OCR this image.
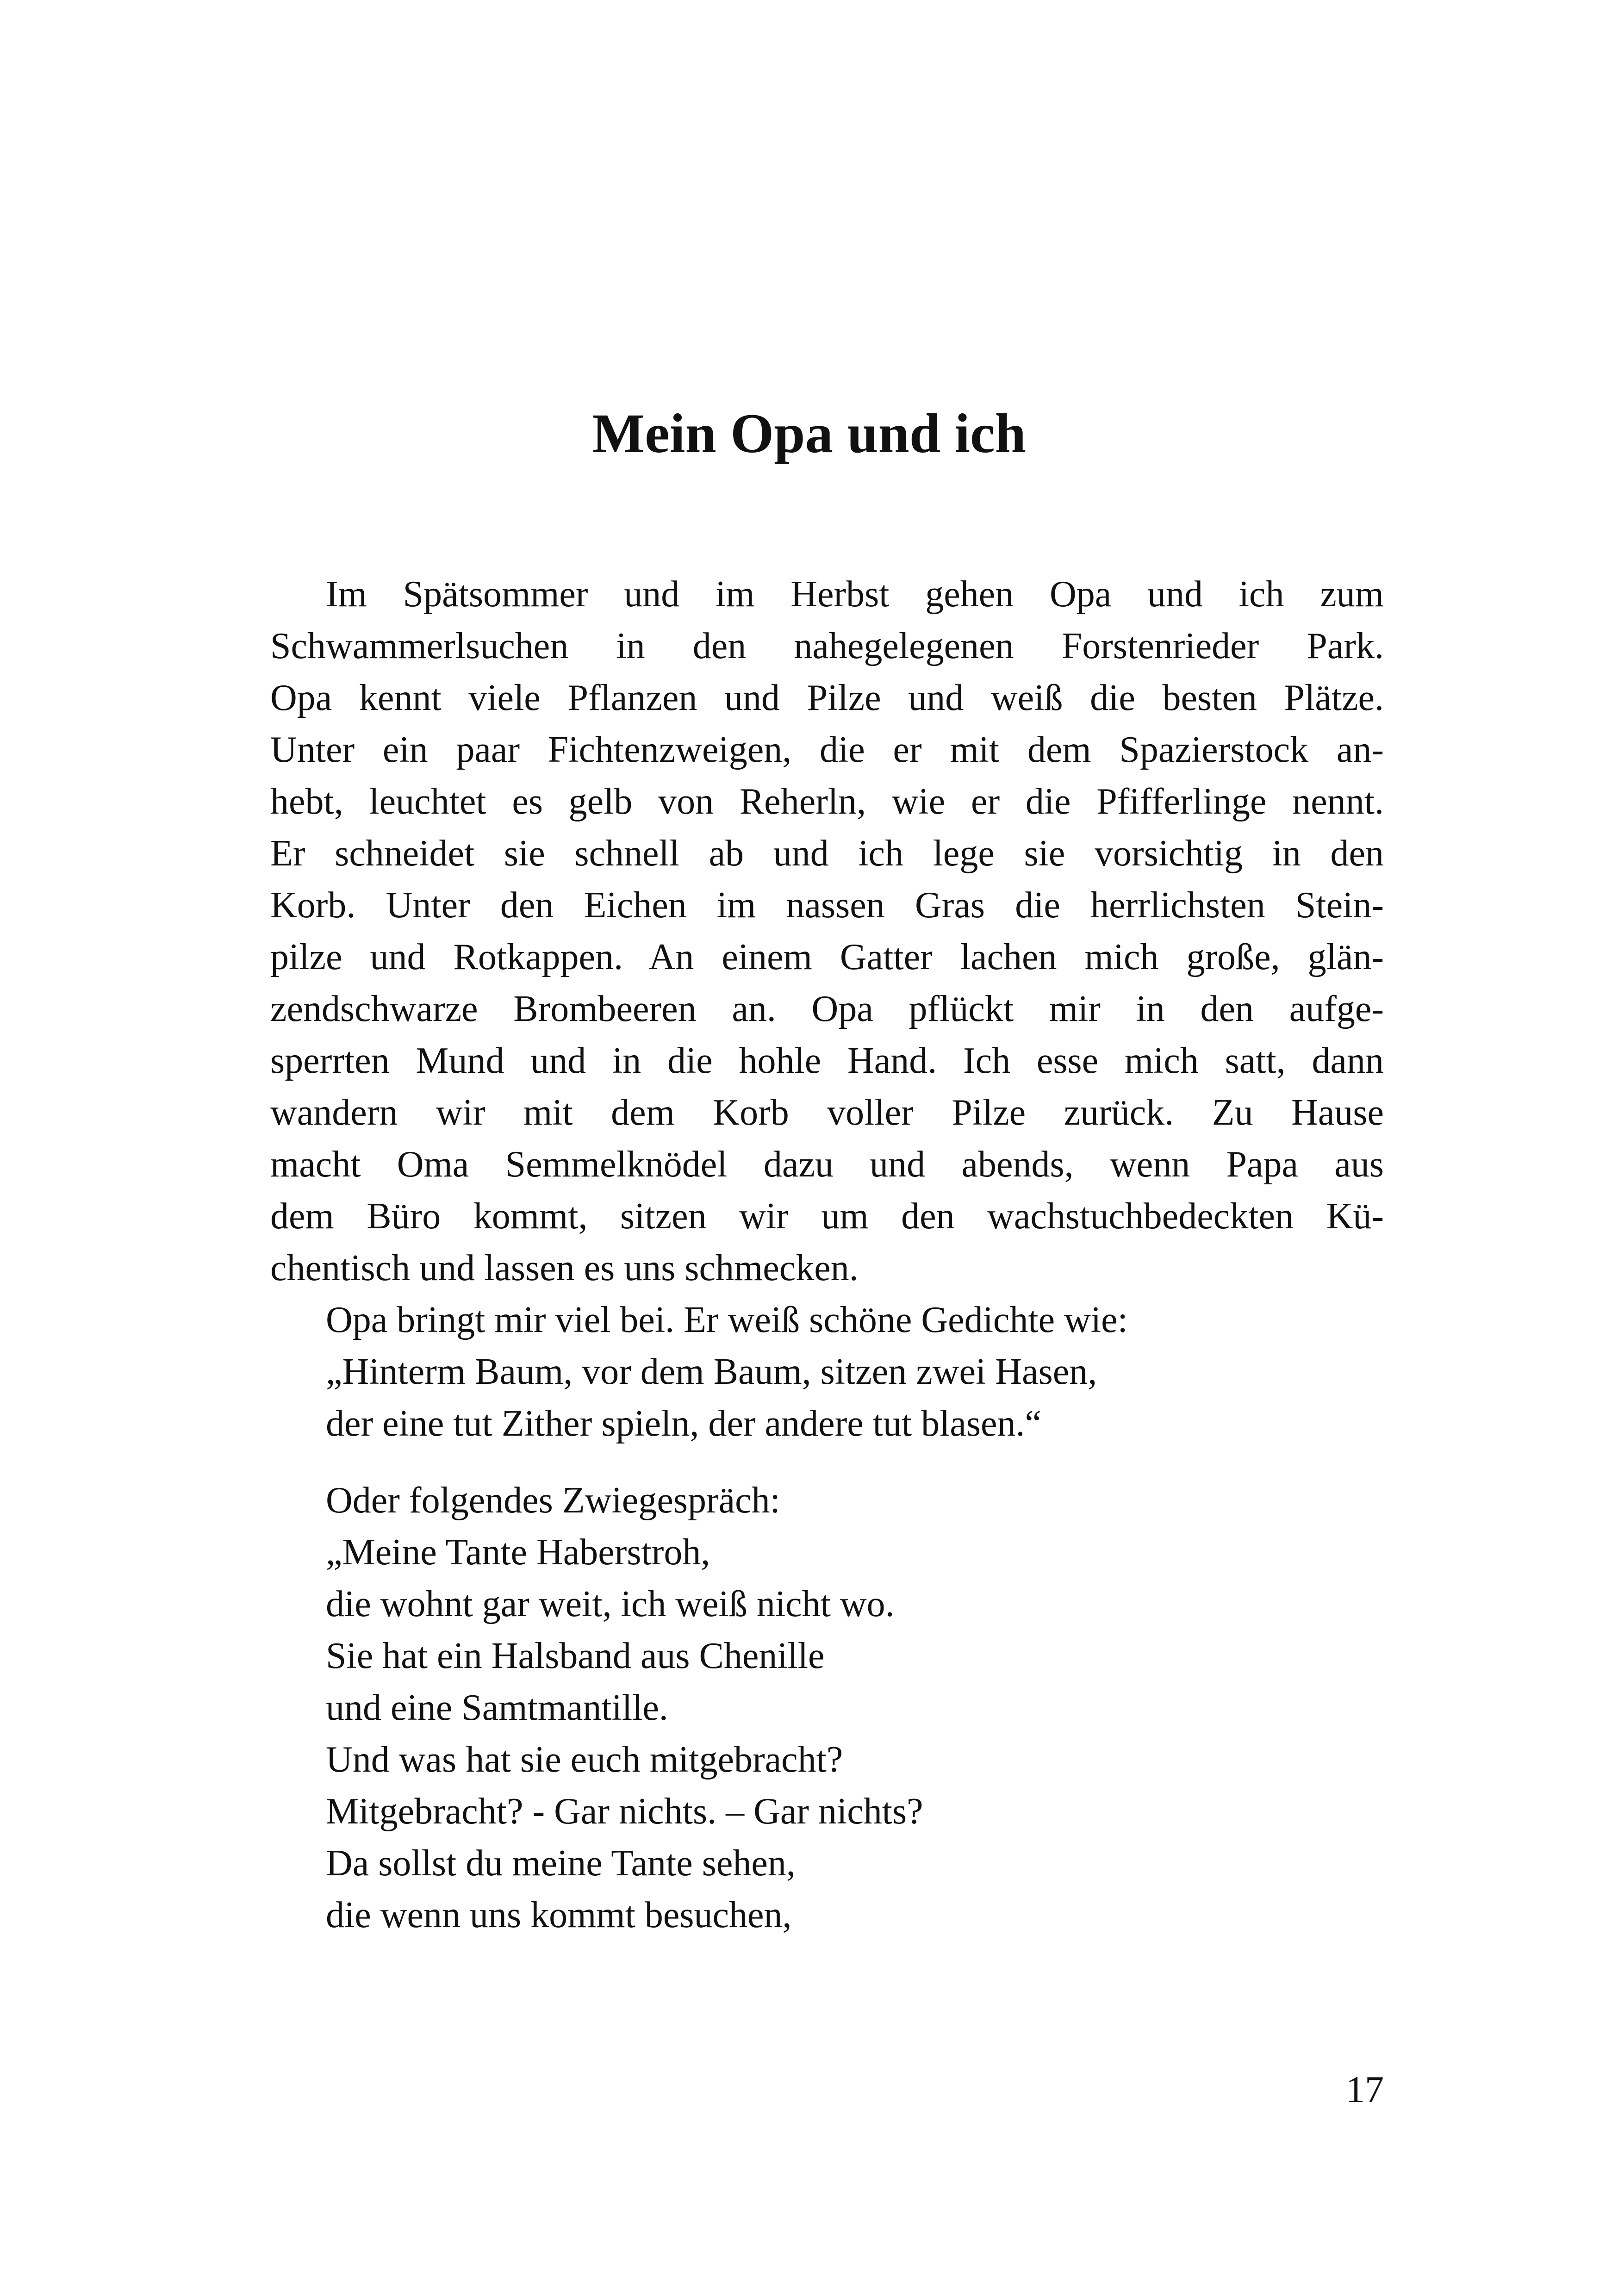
Mein Opa und ich
Im Spätsommer und im Herbst gehen Opa und ich zum
Schwammerlsuchen in den nahegelegenen Forstenrieder Park.
Opa kennt viele Pflanzen und Pilze und weiß die besten Plätze.
Unter ein paar Fichtenzweigen, die er mit dem Spazierstock an-
hebt, leuchtet es gelb von Reherln, wie er die Pfifferlinge nennt.
Er schneidet sie schnell ab und ich lege sie vorsichtig in den
Korb. Unter den Eichen im nassen Gras die herrlichsten Stein-
pilze und Rotkappen. An einem Gatter lachen mich große, glän-
zendschwarze Brombeeren an. Opa pflückt mir in den aufge-
sperrten Mund und in die hohle Hand. Ich esse mich satt, dann
wandern wir mit dem Korb voller Pilze zurück. Zu Hause
macht Oma Semmelknödel dazu und abends, wenn Papa aus
dem Büro kommt, sitzen wir um den wachstuchbedeckten Kü-
chentisch und lassen es uns schmecken.
Opa bringt mir viel bei. Er weiß schöne Gedichte wie:
„Hinterm Baum, vor dem Baum, sitzen zwei Hasen,
der eine tut Zither spieln, der andere tut blasen.“
Oder folgendes Zwiegespräch:
„Meine Tante Haberstroh,
die wohnt gar weit, ich weiß nicht wo.
Sie hat ein Halsband aus Chenille
und eine Samtmantille.
Und was hat sie euch mitgebracht?
Mitgebracht? - Gar nichts. – Gar nichts?
Da sollst du meine Tante sehen,
die wenn uns kommt besuchen,

17
